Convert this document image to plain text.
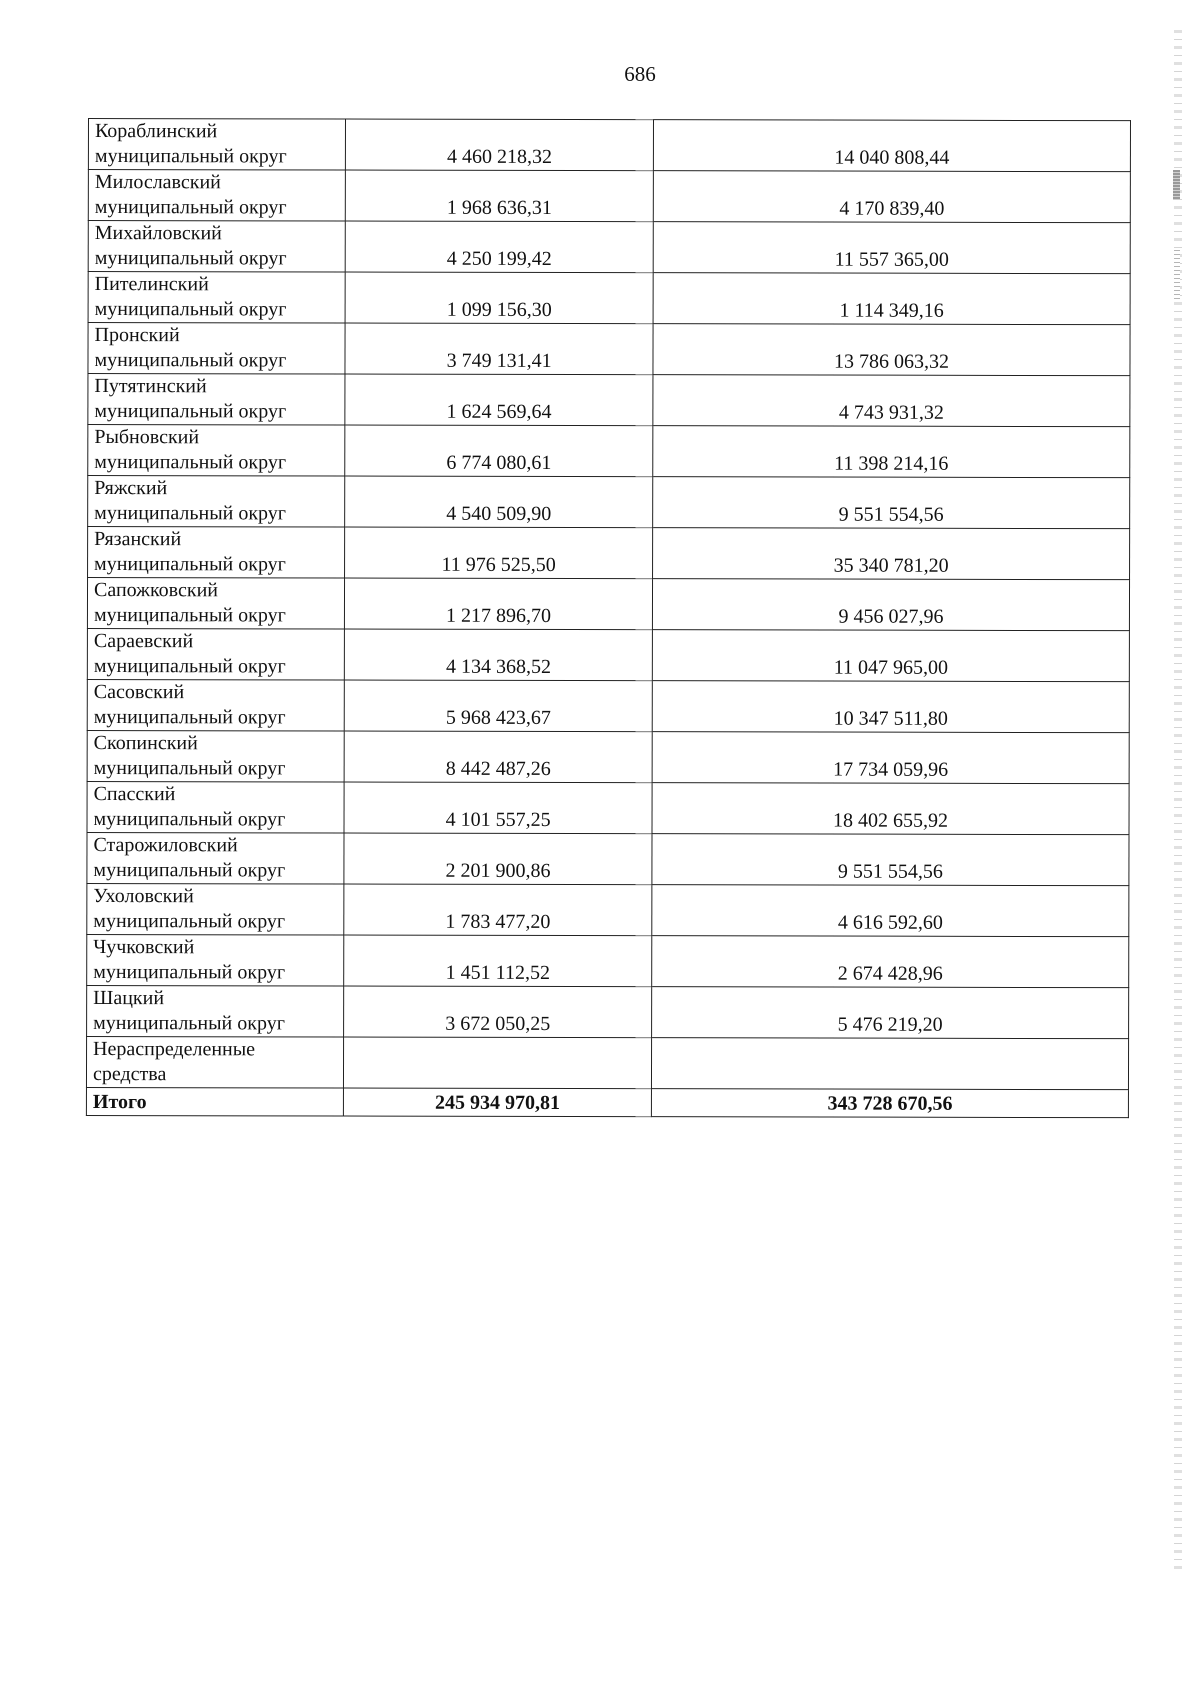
686
Кораблинский
муниципальный округ	4 460 218,32	14 040 808,44

Милославский
муниципальный округ	1 968 636,31	4 170 839,40

Михайловский
муниципальный округ	4 250 199,42	11 557 365,00

Пителинский
муниципальный округ	1 099 156,30	1 114 349,16

Пронский
муниципальный округ	3 749 131,41	13 786 063,32

Путятинский
муниципальный округ	1 624 569,64	4 743 931,32

Рыбновский
муниципальный округ	6 774 080,61	11 398 214,16

Ряжский
муниципальный округ	4 540 509,90	9 551 554,56

Рязанский
муниципальный округ	11 976 525,50	35 340 781,20

Сапожковский
муниципальный округ	1 217 896,70	9 456 027,96

Сараевский
муниципальный округ	4 134 368,52	11 047 965,00

Сасовский
муниципальный округ	5 968 423,67	10 347 511,80

Скопинский
муниципальный округ	8 442 487,26	17 734 059,96

Спасский
муниципальный округ	4 101 557,25	18 402 655,92

Старожиловский
муниципальный округ	2 201 900,86	9 551 554,56

Ухоловский
муниципальный округ	1 783 477,20	4 616 592,60

Чучковский
муниципальный округ	1 451 112,52	2 674 428,96

Шацкий
муниципальный округ	3 672 050,25	5 476 219,20

Нераспределенные
средства		

Итого	245 934 970,81	343 728 670,56
